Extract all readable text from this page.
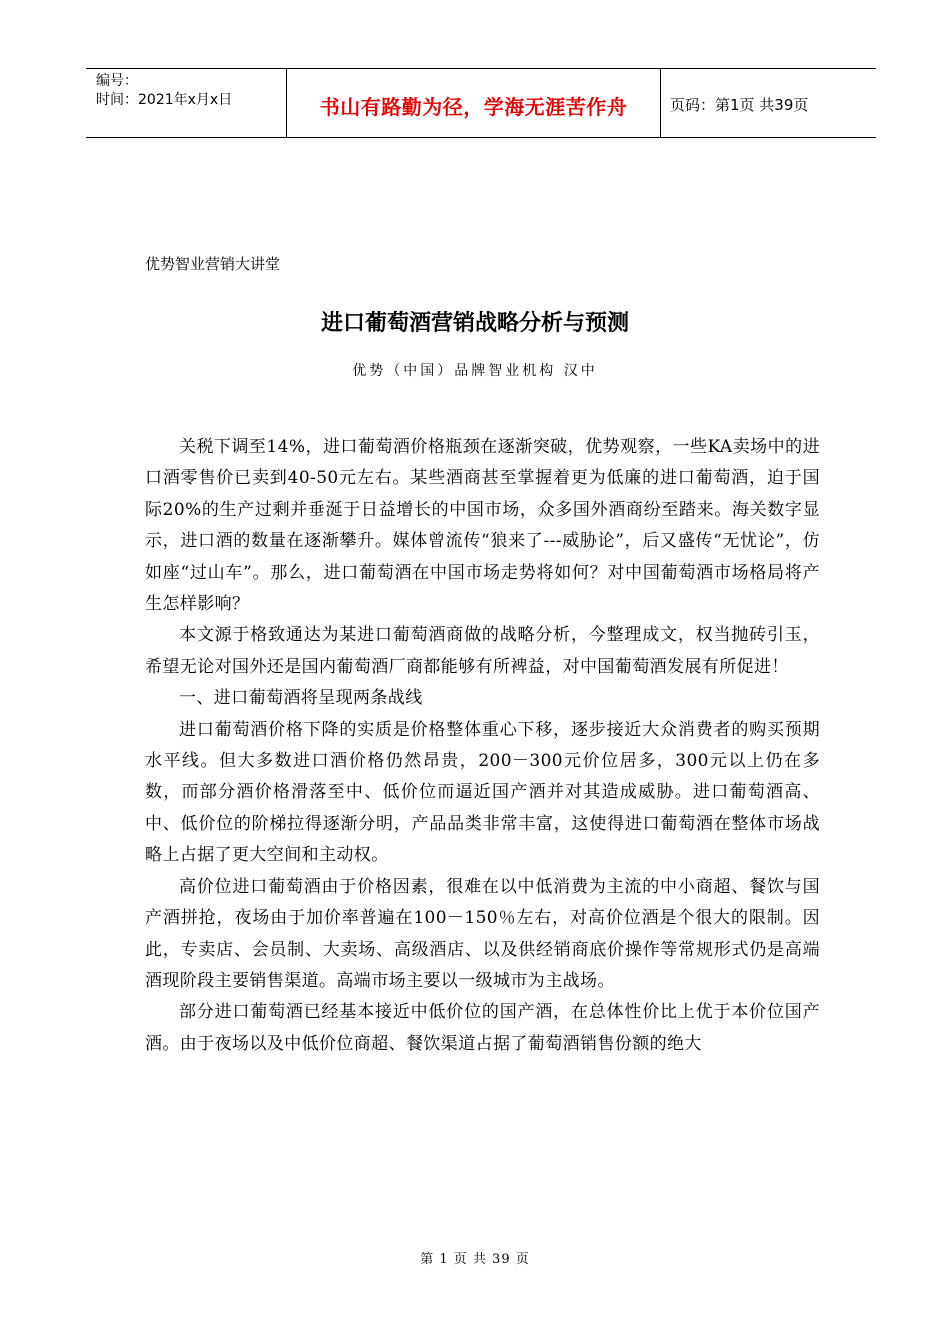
编号：
时间：2021年x月x日	书山有路勤为径，学海无涯苦作舟	页码：第1页 共39页
优势智业营销大讲堂
进口葡萄酒营销战略分析与预测
优势（中国）品牌智业机构 汉中

关税下调至14%，进口葡萄酒价格瓶颈在逐渐突破，优势观察，一些KA卖场中的进口酒零售价已卖到40-50元左右。某些酒商甚至掌握着更为低廉的进口葡萄酒，迫于国际20%的生产过剩并垂涎于日益增长的中国市场，众多国外酒商纷至踏来。海关数字显示，进口酒的数量在逐渐攀升。媒体曾流传“狼来了---威胁论”，后又盛传“无忧论”，仿如座“过山车”。那么，进口葡萄酒在中国市场走势将如何？对中国葡萄酒市场格局将产生怎样影响？

本文源于格致通达为某进口葡萄酒商做的战略分析，今整理成文，权当抛砖引玉，希望无论对国外还是国内葡萄酒厂商都能够有所裨益，对中国葡萄酒发展有所促进！

一、进口葡萄酒将呈现两条战线

进口葡萄酒价格下降的实质是价格整体重心下移，逐步接近大众消费者的购买预期水平线。但大多数进口酒价格仍然昂贵，200－300元价位居多，300元以上仍在多数，而部分酒价格滑落至中、低价位而逼近国产酒并对其造成威胁。进口葡萄酒高、中、低价位的阶梯拉得逐渐分明，产品品类非常丰富，这使得进口葡萄酒在整体市场战略上占据了更大空间和主动权。

高价位进口葡萄酒由于价格因素，很难在以中低消费为主流的中小商超、餐饮与国产酒拼抢，夜场由于加价率普遍在100－150％左右，对高价位酒是个很大的限制。因此，专卖店、会员制、大卖场、高级酒店、以及供经销商底价操作等常规形式仍是高端酒现阶段主要销售渠道。高端市场主要以一级城市为主战场。

部分进口葡萄酒已经基本接近中低价位的国产酒，在总体性价比上优于本价位国产酒。由于夜场以及中低价位商超、餐饮渠道占据了葡萄酒销售份额的绝大

第 1 页 共 39 页
